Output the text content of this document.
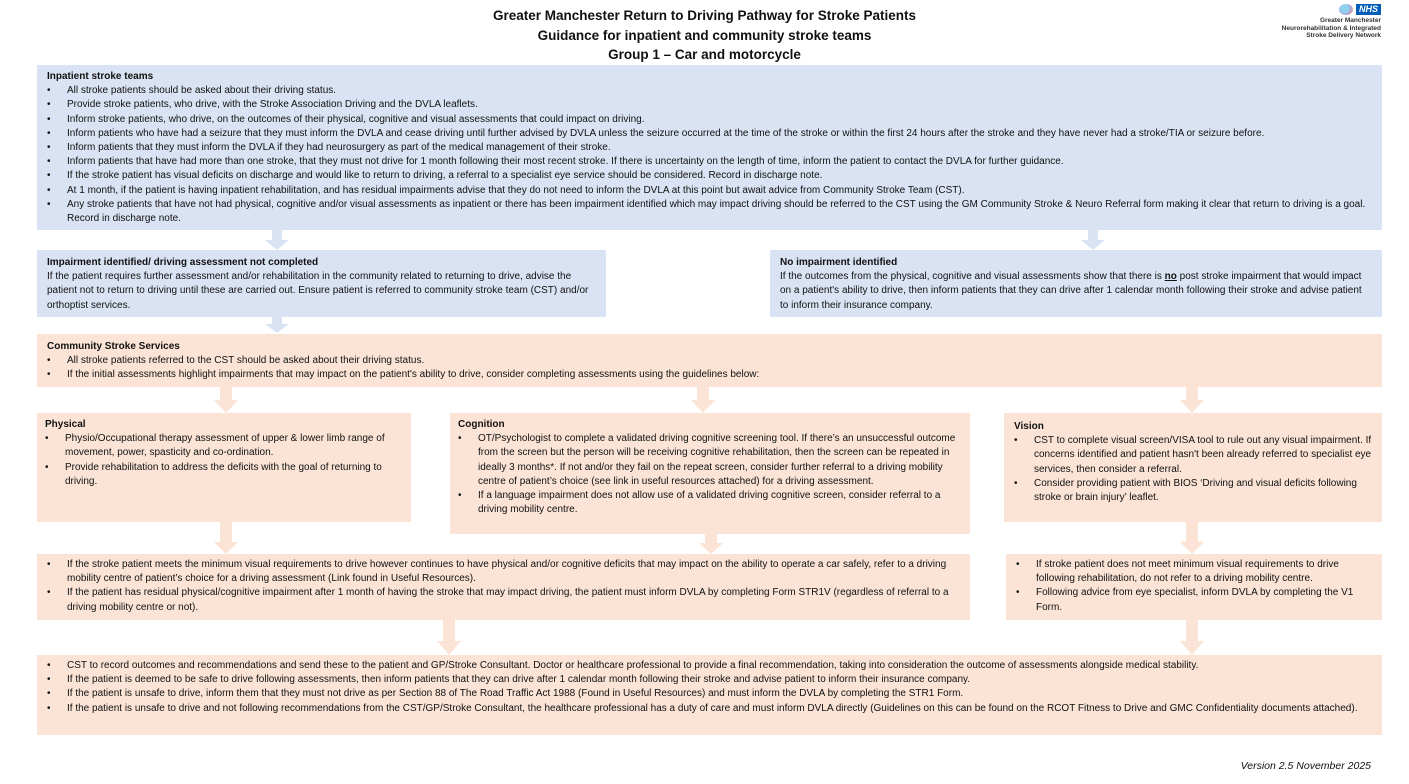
Greater Manchester Return to Driving Pathway for Stroke Patients
Guidance for inpatient and community stroke teams
Group 1 – Car and motorcycle
NHS
Greater Manchester
Neurorehabilitation & Integrated
Stroke Delivery Network
Inpatient stroke teams
• All stroke patients should be asked about their driving status.
• Provide stroke patients, who drive, with the Stroke Association Driving and the DVLA leaflets.
• Inform stroke patients, who drive, on the outcomes of their physical, cognitive and visual assessments that could impact on driving.
• Inform patients who have had a seizure that they must inform the DVLA and cease driving until further advised by DVLA unless the seizure occurred at the time of the stroke or within the first 24 hours after the stroke and they have never had a stroke/TIA or seizure before.
• Inform patients that they must inform the DVLA if they had neurosurgery as part of the medical management of their stroke.
• Inform patients that have had more than one stroke, that they must not drive for 1 month following their most recent stroke. If there is uncertainty on the length of time, inform the patient to contact the DVLA for further guidance.
• If the stroke patient has visual deficits on discharge and would like to return to driving, a referral to a specialist eye service should be considered. Record in discharge note.
• At 1 month, if the patient is having inpatient rehabilitation, and has residual impairments advise that they do not need to inform the DVLA at this point but await advice from Community Stroke Team (CST).
• Any stroke patients that have not had physical, cognitive and/or visual assessments as inpatient or there has been impairment identified which may impact driving should be referred to the CST using the GM Community Stroke & Neuro Referral form making it clear that return to driving is a goal. Record in discharge note.
Impairment identified/ driving assessment not completed
If the patient requires further assessment and/or rehabilitation in the community related to returning to drive, advise the patient not to return to driving until these are carried out. Ensure patient is referred to community stroke team (CST) and/or orthoptist services.
No impairment identified
If the outcomes from the physical, cognitive and visual assessments show that there is no post stroke impairment that would impact on a patient's ability to drive, then inform patients that they can drive after 1 calendar month following their stroke and advise patient to inform their insurance company.
Community Stroke Services
• All stroke patients referred to the CST should be asked about their driving status.
• If the initial assessments highlight impairments that may impact on the patient's ability to drive, consider completing assessments using the guidelines below:
Physical
• Physio/Occupational therapy assessment of upper & lower limb range of movement, power, spasticity and co-ordination.
• Provide rehabilitation to address the deficits with the goal of returning to driving.
Cognition
• OT/Psychologist to complete a validated driving cognitive screening tool. If there’s an unsuccessful outcome from the screen but the person will be receiving cognitive rehabilitation, then the screen can be repeated in ideally 3 months*. If not and/or they fail on the repeat screen, consider further referral to a driving mobility centre of patient’s choice (see link in useful resources attached) for a driving assessment.
• If a language impairment does not allow use of a validated driving cognitive screen, consider referral to a driving mobility centre.
Vision
• CST to complete visual screen/VISA tool to rule out any visual impairment. If concerns identified and patient hasn't been already referred to specialist eye services, then consider a referral.
• Consider providing patient with BIOS ‘Driving and visual deficits following stroke or brain injury’ leaflet.
• If the stroke patient meets the minimum visual requirements to drive however continues to have physical and/or cognitive deficits that may impact on the ability to operate a car safely, refer to a driving mobility centre of patient’s choice for a driving assessment (Link found in Useful Resources).
• If the patient has residual physical/cognitive impairment after 1 month of having the stroke that may impact driving, the patient must inform DVLA by completing Form STR1V (regardless of referral to a driving mobility centre or not).
• If stroke patient does not meet minimum visual requirements to drive following rehabilitation, do not refer to a driving mobility centre.
• Following advice from eye specialist, inform DVLA by completing the V1 Form.
• CST to record outcomes and recommendations and send these to the patient and GP/Stroke Consultant. Doctor or healthcare professional to provide a final recommendation, taking into consideration the outcome of assessments alongside medical stability.
• If the patient is deemed to be safe to drive following assessments, then inform patients that they can drive after 1 calendar month following their stroke and advise patient to inform their insurance company.
• If the patient is unsafe to drive, inform them that they must not drive as per Section 88 of The Road Traffic Act 1988 (Found in Useful Resources) and must inform the DVLA by completing the STR1 Form.
• If the patient is unsafe to drive and not following recommendations from the CST/GP/Stroke Consultant, the healthcare professional has a duty of care and must inform DVLA directly (Guidelines on this can be found on the RCOT Fitness to Drive and GMC Confidentiality documents attached).
Version 2.5 November 2025
